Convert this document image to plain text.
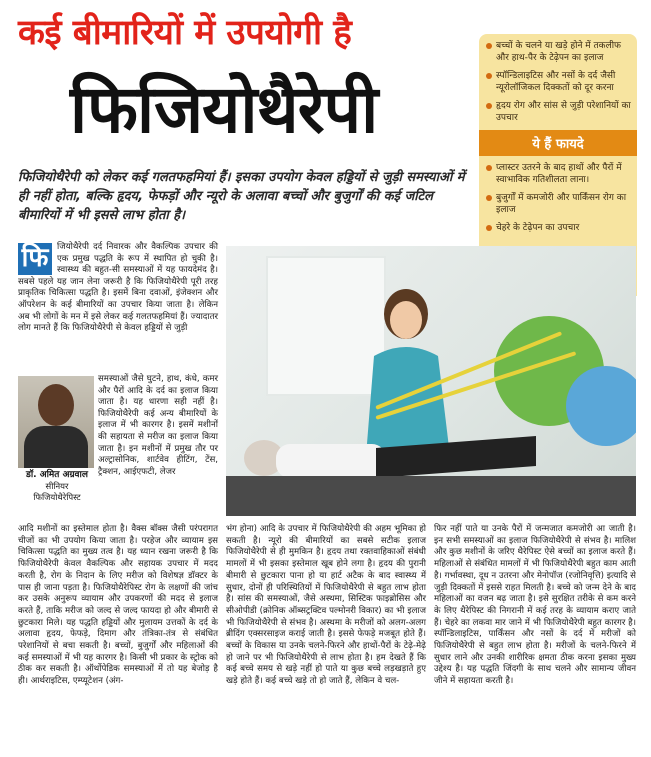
कई बीमारियों में उपयोगी है
फिजियोथैरेपी
फिजियोथैरेपी को लेकर कई गलतफहमियां हैं। इसका उपयोग केवल हड्डियों से जुड़ी समस्याओं में ही नहीं होता, बल्कि हृदय, फेफड़ों और न्यूरो के अलावा बच्चों और बुजुर्गों की कई जटिल बीमारियों में भी इससे लाभ होता है।
बच्चों के चलने या खड़े होने में तकलीफ और हाथ-पैर के टेढ़ेपन का इलाज
स्पॉन्डिलाइटिस और नसों के दर्द जैसी न्यूरोलॉजिकल दिक्कतों को दूर करना
हृदय रोग और सांस से जुड़ी परेशानियों का उपचार
ये हैं फायदे
प्लास्टर उतरने के बाद हाथों और पैरों में स्वाभाविक गतिशीलता लाना।
बुजुर्गों में कमजोरी और पार्किंसन रोग का इलाज
चेहरे के टेढ़ेपन का उपचार
फि	जियोथैरेपी दर्द निवारक और वैकल्पिक उपचार की एक प्रमुख पद्धति के रूप में स्थापित हो चुकी है। स्वास्थ्य की बहुत-सी समस्याओं में यह फायदेमंद है। सबसे पहले यह जान लेना जरूरी है कि फिजियोथैरेपी पूरी तरह प्राकृतिक चिकित्सा पद्धति है। इसमें बिना दवाओं, इंजेक्शन और ऑपरेशन के कई बीमारियों का उपचार किया जाता है। लेकिन अब भी लोगों के मन में इसे लेकर कई गलतफहमियां हैं। ज्यादातर लोग मानते हैं कि फिजियोथैरेपी से केवल हड्डियों से जुड़ी
समस्याओं जैसे घुटने, हाथ, कंधे, कमर और पैरों आदि के दर्द का इलाज किया जाता है। यह धारणा सही नहीं है। फिजियोथैरेपी कई अन्य बीमारियों के इलाज में भी कारगर है। इसमें मशीनों की सहायता से मरीज का इलाज किया जाता है। इन मशीनों में प्रमुख तौर पर अल्ट्रासोनिक, शार्टवेव हीटिंग, टेंस, ट्रैक्शन, आईएफटी, लेजर
डॉ. अमित अग्रवाल
सीनियर
फिजियोथैरेपिस्ट
आदि मशीनों का इस्तेमाल होता है। वैक्स बॉक्स जैसी परंपरागत चीजों का भी उपयोग किया जाता है। परहेज और व्यायाम इस चिकित्सा पद्धति का मुख्य तत्व है। यह ध्यान रखना जरूरी है कि फिजियोथैरेपी केवल वैकल्पिक और सहायक उपचार में मदद करती है, रोग के निदान के लिए मरीज को विशेषज्ञ डॉक्टर के पास ही जाना पड़ता है। फिजियोथैरेपिस्ट रोग के लक्षणों की जांच कर उसके अनुरूप व्यायाम और उपकरणों की मदद से इलाज करते हैं, ताकि मरीज को जल्द से जल्द फायदा हो और बीमारी से छुटकारा मिले। यह पद्धति हड्डियों और मुलायम उत्तकों के दर्द के अलावा हृदय, फेफड़े, दिमाग और तंत्रिका-तंत्र से संबंधित परेशानियों से बचा सकती है। बच्चों, बुजुर्गों और महिलाओं की कई समस्याओं में भी यह कारगर है। किसी भी प्रकार के स्ट्रोक को ठीक कर सकती है। ऑर्थोपेडिक समस्याओं में तो यह बेजोड़ है ही। आर्थराइटिस, एम्प्यूटेशन (अंग-
भंग होना) आदि के उपचार में फिजियोथैरेपी की अहम भूमिका हो सकती है। न्यूरो की बीमारियों का सबसे सटीक इलाज फिजियोथैरेपी से ही मुमकिन है। हृदय तथा रक्तवाहिकाओं संबंधी मामलों में भी इसका इस्तेमाल खूब होने लगा है। हृदय की पुरानी बीमारी से छुटकारा पाना हो या हार्ट अटैक के बाद स्वास्थ्य में सुधार, दोनों ही परिस्थितियों में फिजियोथैरेपी से बहुत लाभ होता है। सांस की समस्याओं, जैसे अस्थमा, सिस्टिक फाइब्रोसिस और सीओपीडी (क्रोनिक ऑब्सट्रक्टिव पल्मोनरी विकार) का भी इलाज भी फिजियोथैरेपी से संभव है। अस्थमा के मरीजों को अलग-अलग ब्रीदिंग एक्सरसाइज कराई जाती है। इससे फेफड़े मजबूत होते हैं। बच्चों के विकास या उनके चलने-फिरने और हाथों-पैरों के टेढ़े-मेढ़े हो जाने पर भी फिजियोथैरेपी से लाभ होता है। हम देखते हैं कि कई बच्चे समय से खड़े नहीं हो पाते या कुछ बच्चे लड़खड़ाते हुए खड़े होते हैं। कई बच्चे खड़े तो हो जाते हैं, लेकिन वे चल-
फिर नहीं पाते या उनके पैरों में जन्मजात कमजोरी आ जाती है। इन सभी समस्याओं का इलाज फिजियोथैरेपी से संभव है। मालिश और कुछ मशीनों के जरिए थैरेपिस्ट ऐसे बच्चों का इलाज करते हैं। महिलाओं से संबंधित मामलों में भी फिजियोथैरेपी बहुत काम आती है। गर्भावस्था, दूध न उतरना और मेनोपॉज (रजोनिवृत्ति) इत्यादि से जुड़ी दिक्कतों में इससे राहत मिलती है। बच्चे को जन्म देने के बाद महिलाओं का वजन बढ़ जाता है। इसे सुरक्षित तरीके से कम करने के लिए थैरेपिस्ट की निगरानी में कई तरह के व्यायाम कराए जाते हैं। चेहरे का लकवा मार जाने में भी फिजियोथैरेपी बहुत कारगर है। स्पॉन्डिलाइटिस, पार्किंसन और नसों के दर्द में मरीजों को फिजियोथैरेपी से बहुत लाभ होता है। मरीजों के चलने-फिरने में सुधार लाने और उनकी शारीरिक क्षमता ठीक करना इसका मुख्य उद्देश्य है। यह पद्धति जिंदगी के साथ चलने और सामान्य जीवन जीने में सहायता करती है।
